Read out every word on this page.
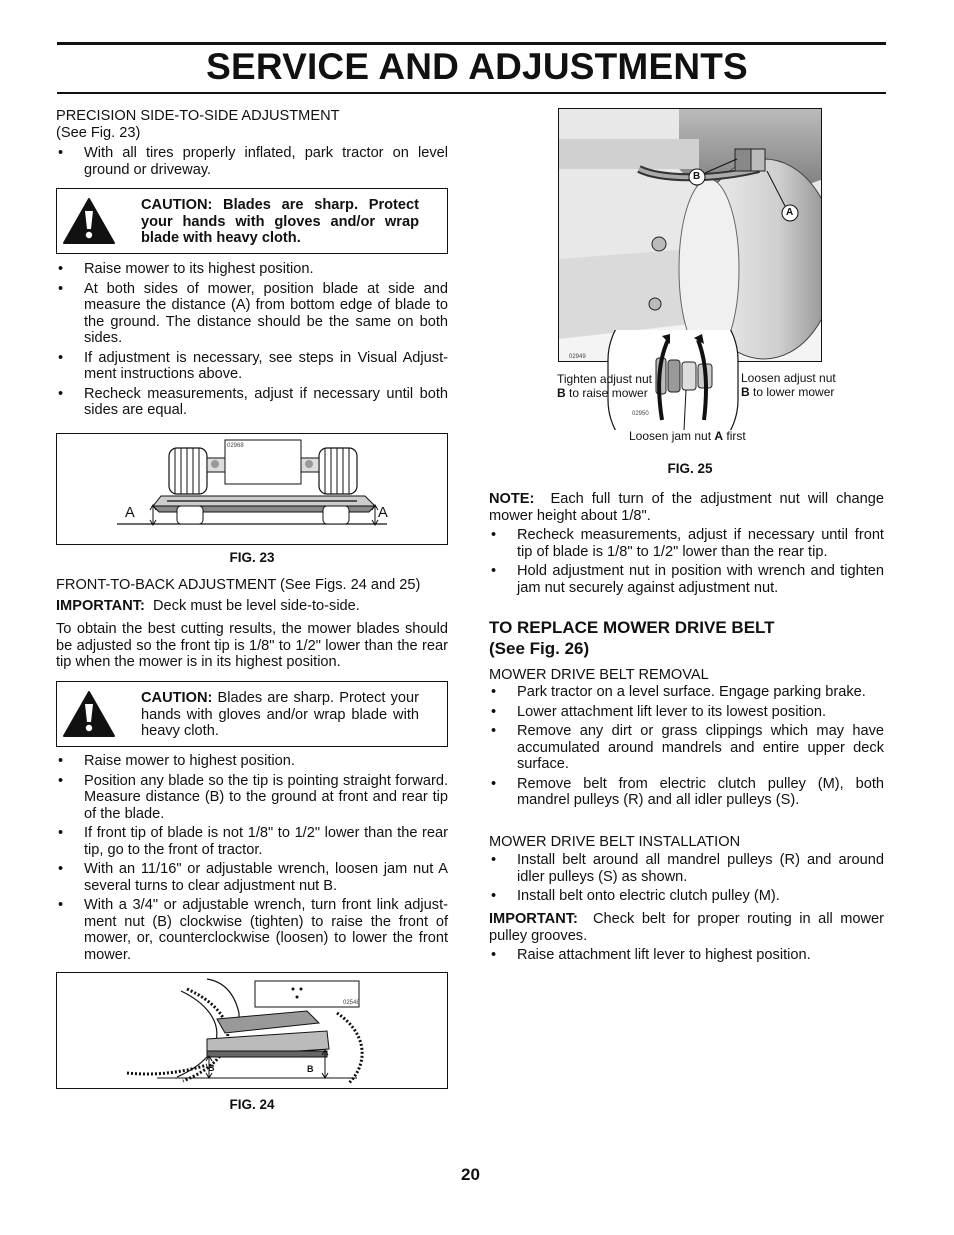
SERVICE AND ADJUSTMENTS
PRECISION SIDE-TO-SIDE ADJUSTMENT
(See Fig. 23)
• With all tires properly inflated, park tractor on level ground or driveway.
CAUTION: Blades are sharp. Protect your hands with gloves and/or wrap blade with heavy cloth.
• Raise mower to its highest position.
• At both sides of mower, position blade at side and measure the distance (A) from bottom edge of blade to the ground. The distance should be the same on both sides.
• If adjustment is necessary, see steps in Visual Adjust-ment instructions above.
• Recheck measurements, adjust if necessary until both sides are equal.
02968
A	A
FIG. 23
FRONT-TO-BACK ADJUSTMENT (See Figs. 24 and 25)
IMPORTANT: Deck must be level side-to-side.
To obtain the best cutting results, the mower blades should be adjusted so the front tip is 1/8" to 1/2" lower than the rear tip when the mower is in its highest position.
CAUTION: Blades are sharp. Protect your hands with gloves and/or wrap blade with heavy cloth.
• Raise mower to highest position.
• Position any blade so the tip is pointing straight forward. Measure distance (B) to the ground at front and rear tip of the blade.
• If front tip of blade is not 1/8" to 1/2" lower than the rear tip, go to the front of tractor.
• With an 11/16" or adjustable wrench, loosen jam nut A several turns to clear adjustment nut B.
• With a 3/4" or adjustable wrench, turn front link adjust-ment nut (B) clockwise (tighten) to raise the front of mower, or, counterclockwise (loosen) to lower the front mower.
02548
B	B
FIG. 24
B
A
02949
02950
Tighten adjust nut
B to raise mower
Loosen adjust nut
B to lower mower
Loosen jam nut A first
FIG. 25
NOTE: Each full turn of the adjustment nut will change mower height about 1/8".
• Recheck measurements, adjust if necessary until front tip of blade is 1/8" to 1/2" lower than the rear tip.
• Hold adjustment nut in position with wrench and tighten jam nut securely against adjustment nut.
TO REPLACE MOWER DRIVE BELT
(See Fig. 26)
MOWER DRIVE BELT REMOVAL
• Park tractor on a level surface. Engage parking brake.
• Lower attachment lift lever to its lowest position.
• Remove any dirt or grass clippings which may have accumulated around mandrels and entire upper deck surface.
• Remove belt from electric clutch pulley (M), both mandrel pulleys (R) and all idler pulleys (S).
MOWER DRIVE BELT INSTALLATION
• Install belt around all mandrel pulleys (R) and around idler pulleys (S) as shown.
• Install belt onto electric clutch pulley (M).
IMPORTANT: Check belt for proper routing in all mower pulley grooves.
• Raise attachment lift lever to highest position.
20
